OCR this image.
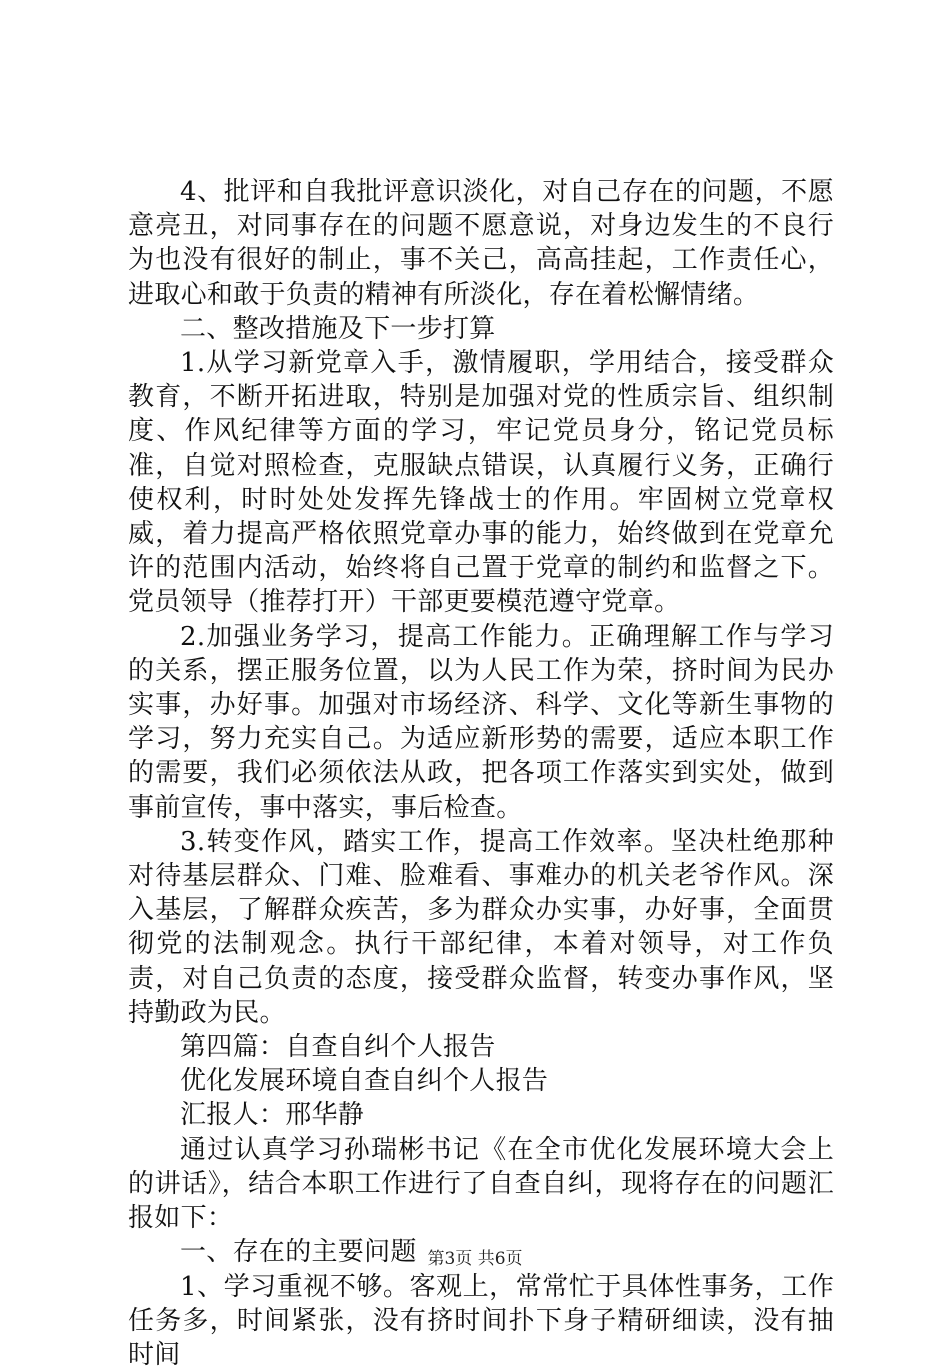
4、批评和自我批评意识淡化，对自己存在的问题，不愿意亮丑，对同事存在的问题不愿意说，对身边发生的不良行为也没有很好的制止，事不关己，高高挂起，工作责任心，进取心和敢于负责的精神有所淡化，存在着松懈情绪。

二、整改措施及下一步打算

1.从学习新党章入手，激情履职，学用结合，接受群众教育，不断开拓进取，特别是加强对党的性质宗旨、组织制度、作风纪律等方面的学习，牢记党员身分，铭记党员标准，自觉对照检查，克服缺点错误，认真履行义务，正确行使权利，时时处处发挥先锋战士的作用。牢固树立党章权威，着力提高严格依照党章办事的能力，始终做到在党章允许的范围内活动，始终将自己置于党章的制约和监督之下。党员领导（推荐打开）干部更要模范遵守党章。

2.加强业务学习，提高工作能力。正确理解工作与学习的关系，摆正服务位置，以为人民工作为荣，挤时间为民办实事，办好事。加强对市场经济、科学、文化等新生事物的学习，努力充实自己。为适应新形势的需要，适应本职工作的需要，我们必须依法从政，把各项工作落实到实处，做到事前宣传，事中落实，事后检查。

3.转变作风，踏实工作，提高工作效率。坚决杜绝那种对待基层群众、门难、脸难看、事难办的机关老爷作风。深入基层，了解群众疾苦，多为群众办实事，办好事，全面贯彻党的法制观念。执行干部纪律，本着对领导，对工作负责，对自己负责的态度，接受群众监督，转变办事作风，坚持勤政为民。

第四篇：自查自纠个人报告

优化发展环境自查自纠个人报告

汇报人：邢华静

通过认真学习孙瑞彬书记《在全市优化发展环境大会上的讲话》，结合本职工作进行了自查自纠，现将存在的问题汇报如下：

一、存在的主要问题

1、学习重视不够。客观上，常常忙于具体性事务，工作任务多，时间紧张，没有挤时间扑下身子精研细读，没有抽时间

第3页 共6页
